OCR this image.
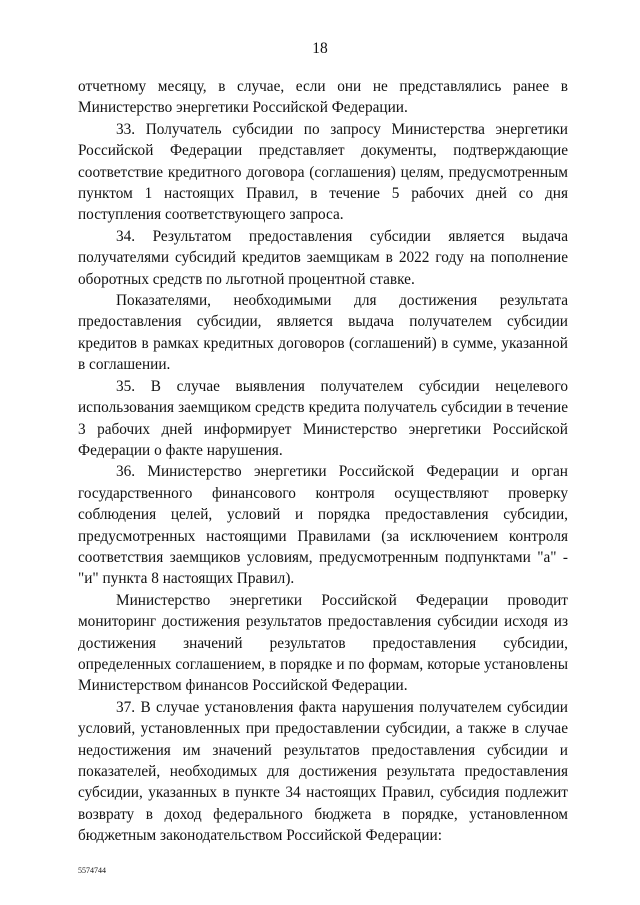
18

отчетному месяцу, в случае, если они не представлялись ранее в Министерство энергетики Российской Федерации.

33. Получатель субсидии по запросу Министерства энергетики Российской Федерации представляет документы, подтверждающие соответствие кредитного договора (соглашения) целям, предусмотренным пунктом 1 настоящих Правил, в течение 5 рабочих дней со дня поступления соответствующего запроса.

34. Результатом предоставления субсидии является выдача получателями субсидий кредитов заемщикам в 2022 году на пополнение оборотных средств по льготной процентной ставке.

Показателями, необходимыми для достижения результата предоставления субсидии, является выдача получателем субсидии кредитов в рамках кредитных договоров (соглашений) в сумме, указанной в соглашении.

35. В случае выявления получателем субсидии нецелевого использования заемщиком средств кредита получатель субсидии в течение 3 рабочих дней информирует Министерство энергетики Российской Федерации о факте нарушения.

36. Министерство энергетики Российской Федерации и орган государственного финансового контроля осуществляют проверку соблюдения целей, условий и порядка предоставления субсидии, предусмотренных настоящими Правилами (за исключением контроля соответствия заемщиков условиям, предусмотренным подпунктами "а" - "и" пункта 8 настоящих Правил).

Министерство энергетики Российской Федерации проводит мониторинг достижения результатов предоставления субсидии исходя из достижения значений результатов предоставления субсидии, определенных соглашением, в порядке и по формам, которые установлены Министерством финансов Российской Федерации.

37. В случае установления факта нарушения получателем субсидии условий, установленных при предоставлении субсидии, а также в случае недостижения им значений результатов предоставления субсидии и показателей, необходимых для достижения результата предоставления субсидии, указанных в пункте 34 настоящих Правил, субсидия подлежит возврату в доход федерального бюджета в порядке, установленном бюджетным законодательством Российской Федерации:

5574744
